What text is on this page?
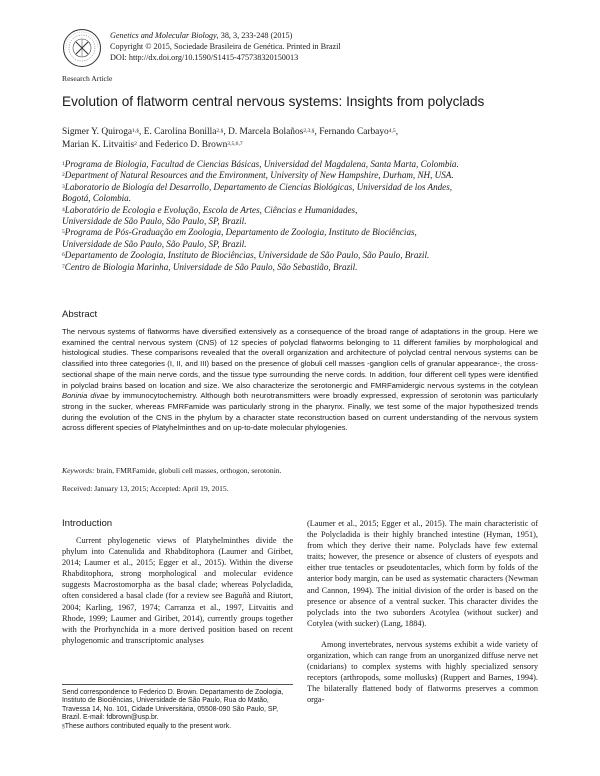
Genetics and Molecular Biology, 38, 3, 233-248 (2015)
Copyright © 2015, Sociedade Brasileira de Genética. Printed in Brazil
DOI: http://dx.doi.org/10.1590/S1415-475738320150013
Research Article
Evolution of flatworm central nervous systems: Insights from polyclads
Sigmer Y. Quiroga$^{1,\S}$, E. Carolina Bonilla$^{2,\S}$, D. Marcela Bolaños$^{2,3,\S}$, Fernando Carbayo$^{4,5}$,
Marian K. Litvaitis$^2$ and Federico D. Brown$^{3,5,6,7}$
$^1$Programa de Biologia, Facultad de Ciencias Básicas, Universidad del Magdalena, Santa Marta, Colombia.
$^2$Department of Natural Resources and the Environment, University of New Hampshire, Durham, NH, USA.
$^3$Laboratorio de Biología del Desarrollo, Departamento de Ciencias Biológicas, Universidad de los Andes,
Bogotá, Colombia.
$^4$Laboratório de Ecologia e Evolução, Escola de Artes, Ciências e Humanidades,
Universidade de São Paulo, São Paulo, SP, Brazil.
$^5$Programa de Pós-Graduação em Zoologia, Departamento de Zoologia, Instituto de Biociências,
Universidade de São Paulo, São Paulo, SP, Brazil.
$^6$Departamento de Zoologia, Instituto de Biociências, Universidade de São Paulo, São Paulo, Brazil.
$^7$Centro de Biologia Marinha, Universidade de São Paulo, São Sebastião, Brazil.
Abstract
The nervous systems of flatworms have diversified extensively as a consequence of the broad range of adaptations in the group. Here we examined the central nervous system (CNS) of 12 species of polyclad flatworms belonging to 11 different families by morphological and histological studies. These comparisons revealed that the overall organization and architecture of polyclad central nervous systems can be classified into three categories (I, II, and III) based on the presence of globuli cell masses -ganglion cells of granular appearance-, the cross-sectional shape of the main nerve cords, and the tissue type surrounding the nerve cords. In addition, four different cell types were identified in polyclad brains based on location and size. We also characterize the serotonergic and FMRFamidergic nervous systems in the cotylean Boninia divae by immunocytochemistry. Although both neurotransmitters were broadly expressed, expression of serotonin was particularly strong in the sucker, whereas FMRFamide was particularly strong in the pharynx. Finally, we test some of the major hypothesized trends during the evolution of the CNS in the phylum by a character state reconstruction based on current understanding of the nervous system across different species of Platyhelminthes and on up-to-date molecular phylogenies.
Keywords: brain, FMRFamide, globuli cell masses, orthogon, serotonin.
Received: January 13, 2015; Accepted: April 19, 2015.
Introduction

Current phylogenetic views of Platyhelminthes divide the phylum into Catenulida and Rhabditophora (Laumer and Giribet, 2014; Laumer et al., 2015; Egger et al., 2015). Within the diverse Rhabditophora, strong morphological and molecular evidence suggests Macrostomorpha as the basal clade; whereas Polycladida, often considered a basal clade (for a review see Baguñà and Riutort, 2004; Karling, 1967, 1974; Carranza et al., 1997, Litvaitis and Rhode, 1999; Laumer and Giribet, 2014), currently groups together with the Prorhynchida in a more derived position based on recent phylogenomic and transcriptomic analyses

(Laumer et al., 2015; Egger et al., 2015). The main characteristic of the Polycladida is their highly branched intestine (Hyman, 1951), from which they derive their name. Polyclads have few external traits; however, the presence or absence of clusters of eyespots and either true tentacles or pseudotentacles, which form by folds of the anterior body margin, can be used as systematic characters (Newman and Cannon, 1994). The initial division of the order is based on the presence or absence of a ventral sucker. This character divides the polyclads into the two suborders Acotylea (without sucker) and Cotylea (with sucker) (Lang, 1884).

Among invertebrates, nervous systems exhibit a wide variety of organization, which can range from an unorganized diffuse nerve net (cnidarians) to complex systems with highly specialized sensory receptors (arthropods, some mollusks) (Ruppert and Barnes, 1994). The bilaterally flattened body of flatworms preserves a common orga-

Send correspondence to Federico D. Brown. Departamento de Zoologia, Instituto de Biociências, Universidade de São Paulo, Rua do Matão, Travessa 14, No. 101, Cidade Universitária, 05508-090 São Paulo, SP, Brazil. E-mail: fdbrown@usp.br.
§These authors contributed equally to the present work.
